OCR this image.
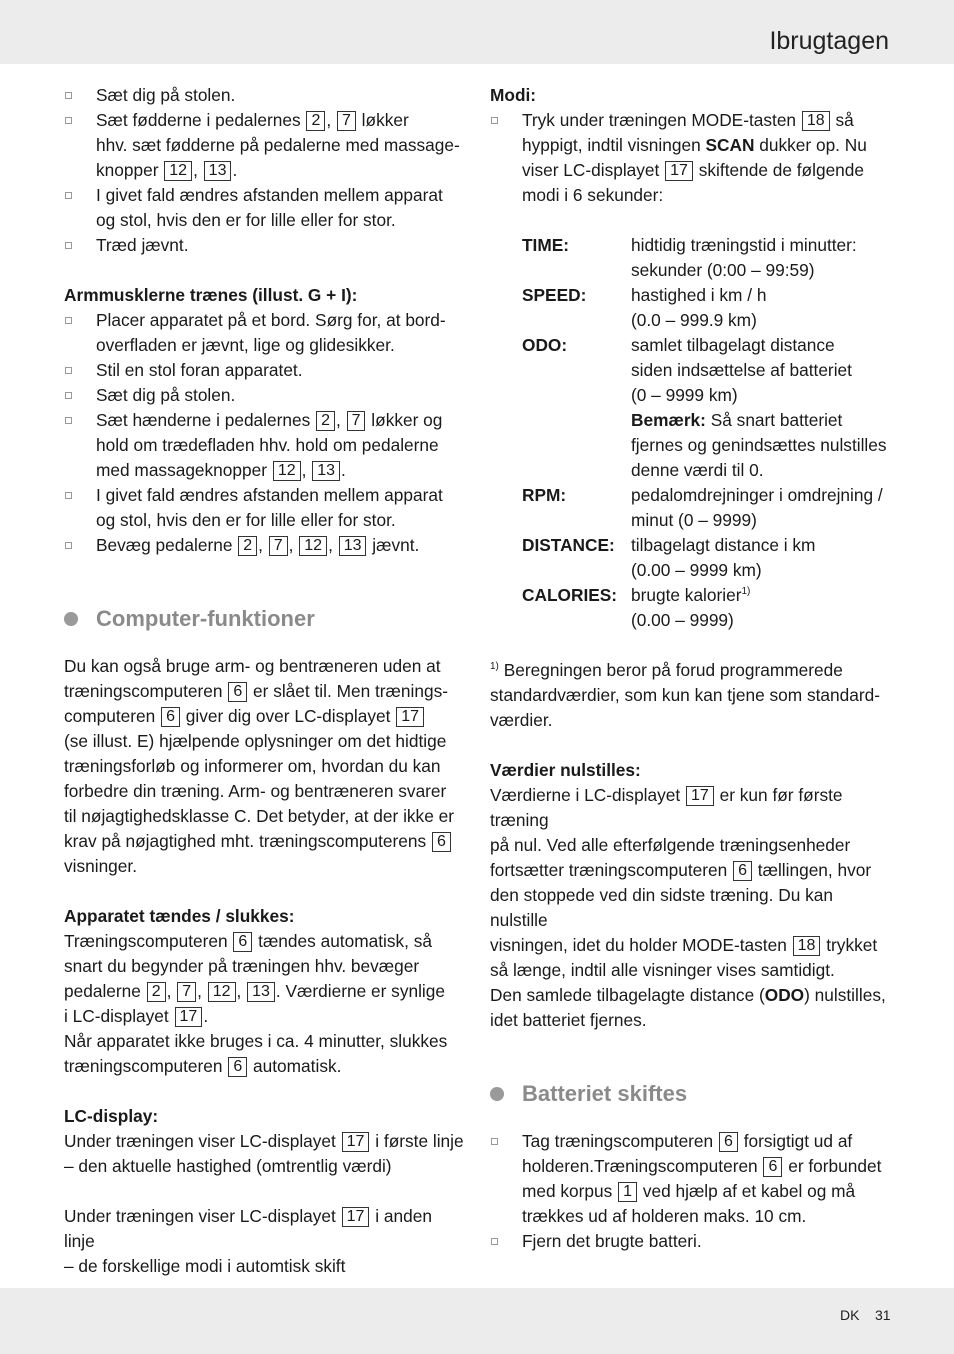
Ibrugtagen
Sæt dig på stolen.
Sæt fødderne i pedalernes 2 , 7 løkker
hhv. sæt fødderne på pedalerne med massage-
knopper 12 , 13 .
I givet fald ændres afstanden mellem apparat
og stol, hvis den er for lille eller for stor.
Træd jævnt.
Armmusklerne trænes (illust. G + I):
Placer apparatet på et bord. Sørg for, at bord-
overfladen er jævnt, lige og glidesikker.
Stil en stol foran apparatet.
Sæt dig på stolen.
Sæt hænderne i pedalernes 2 , 7 løkker og
hold om trædefladen hhv. hold om pedalerne
med massageknopper 12 , 13 .
I givet fald ændres afstanden mellem apparat
og stol, hvis den er for lille eller for stor.
Bevæg pedalerne 2 , 7 , 12 , 13 jævnt.
Computer-funktioner
Du kan også bruge arm- og bentræneren uden at
træningscomputeren 6 er slået til. Men trænings-
computeren 6 giver dig over LC-displayet 17
(se illust. E) hjælpende oplysninger om det hidtige
træningsforløb og informerer om, hvordan du kan
forbedre din træning. Arm- og bentræneren svarer
til nøjagtighedsklasse C. Det betyder, at der ikke er
krav på nøjagtighed mht. træningscomputerens 6
visninger.
Apparatet tændes / slukkes:
Træningscomputeren 6 tændes automatisk, så
snart du begynder på træningen hhv. bevæger
pedalerne 2 , 7 , 12 , 13 . Værdierne er synlige
i LC-displayet 17 .
Når apparatet ikke bruges i ca. 4 minutter, slukkes
træningscomputeren 6 automatisk.
LC-display:
Under træningen viser LC-displayet 17 i første linje
– den aktuelle hastighed (omtrentlig værdi)
Under træningen viser LC-displayet 17 i anden linje
– de forskellige modi i automtisk skift
Modi:
Tryk under træningen MODE-tasten 18 så
hyppigt, indtil visningen SCAN dukker op. Nu
viser LC-displayet 17 skiftende de følgende
modi i 6 sekunder:
TIME:	hidtidig træningstid i minutter:
sekunder (0:00 – 99:59)
SPEED:	hastighed i km / h
(0.0 – 999.9 km)
ODO:	samlet tilbagelagt distance
siden indsættelse af batteriet
(0 – 9999 km)
Bemærk: Så snart batteriet
fjernes og genindsættes nulstilles
denne værdi til 0.
RPM:	pedalomdrejninger i omdrejning /
minut (0 – 9999)
DISTANCE: tilbagelagt distance i km
(0.00 – 9999 km)
CALORIES: brugte kalorier$^{1)}$
(0.00 – 9999)
$^{1)}$ Beregningen beror på forud programmerede
standardværdier, som kun kan tjene som standard-
værdier.
Værdier nulstilles:
Værdierne i LC-displayet 17 er kun før første træning
på nul. Ved alle efterfølgende træningsenheder
fortsætter træningscomputeren 6 tællingen, hvor
den stoppede ved din sidste træning. Du kan nulstille
visningen, idet du holder MODE-tasten 18 trykket
så længe, indtil alle visninger vises samtidigt.
Den samlede tilbagelagte distance (ODO) nulstilles,
idet batteriet fjernes.
Batteriet skiftes
Tag træningscomputeren 6 forsigtigt ud af
holderen.Træningscomputeren 6 er forbundet
med korpus 1 ved hjælp af et kabel og må
trækkes ud af holderen maks. 10 cm.
Fjern det brugte batteri.
DK 31
